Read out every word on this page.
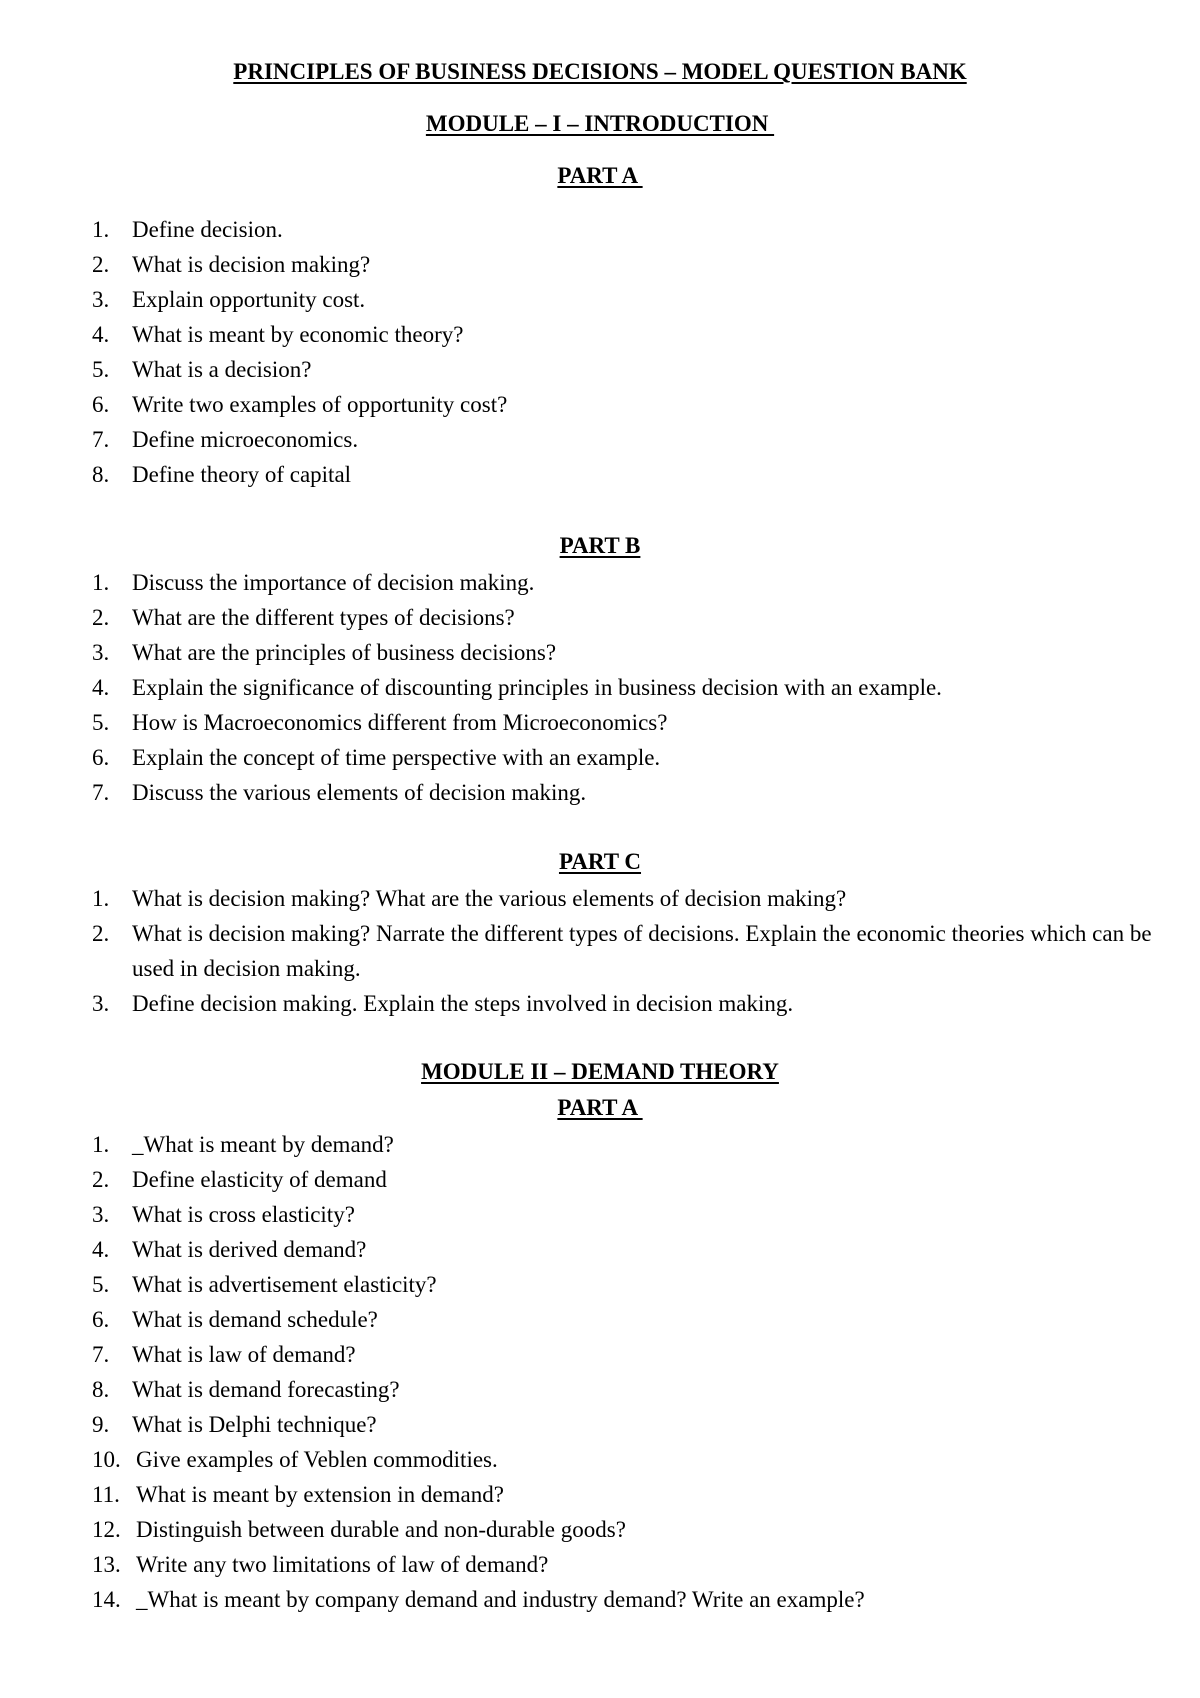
PRINCIPLES OF BUSINESS DECISIONS – MODEL QUESTION BANK
MODULE – I – INTRODUCTION
PART A
1. Define decision.
2. What is decision making?
3. Explain opportunity cost.
4. What is meant by economic theory?
5. What is a decision?
6. Write two examples of opportunity cost?
7. Define microeconomics.
8. Define theory of capital
PART B
1. Discuss the importance of decision making.
2.What are the different types of decisions?
3.What are the principles of business decisions?
4.Explain the significance of discounting principles in business decision with an example.
5.How is Macroeconomics different from Microeconomics?
6.Explain the concept of time perspective with an example.
7.Discuss the various elements of decision making.
PART C
1.What is decision making? What are the various elements of decision making?
2.What is decision making? Narrate the different types of decisions. Explain the economic theories which can be used in decision making.
3.Define decision making. Explain the steps involved in decision making.
MODULE II – DEMAND THEORY
PART A
1. _What is meant by demand?
2.Define elasticity of demand
3.What is cross elasticity?
4.What is derived demand?
5. What is advertisement elasticity?
6. What is demand schedule?
7. What is law of demand?
8. What is demand forecasting?
9. What is Delphi technique?
10. Give examples of Veblen commodities.
11. What is meant by extension in demand?
12. Distinguish between durable and non-durable goods?
13. Write any two limitations of law of demand?
14. _What is meant by company demand and industry demand? Write an example?
